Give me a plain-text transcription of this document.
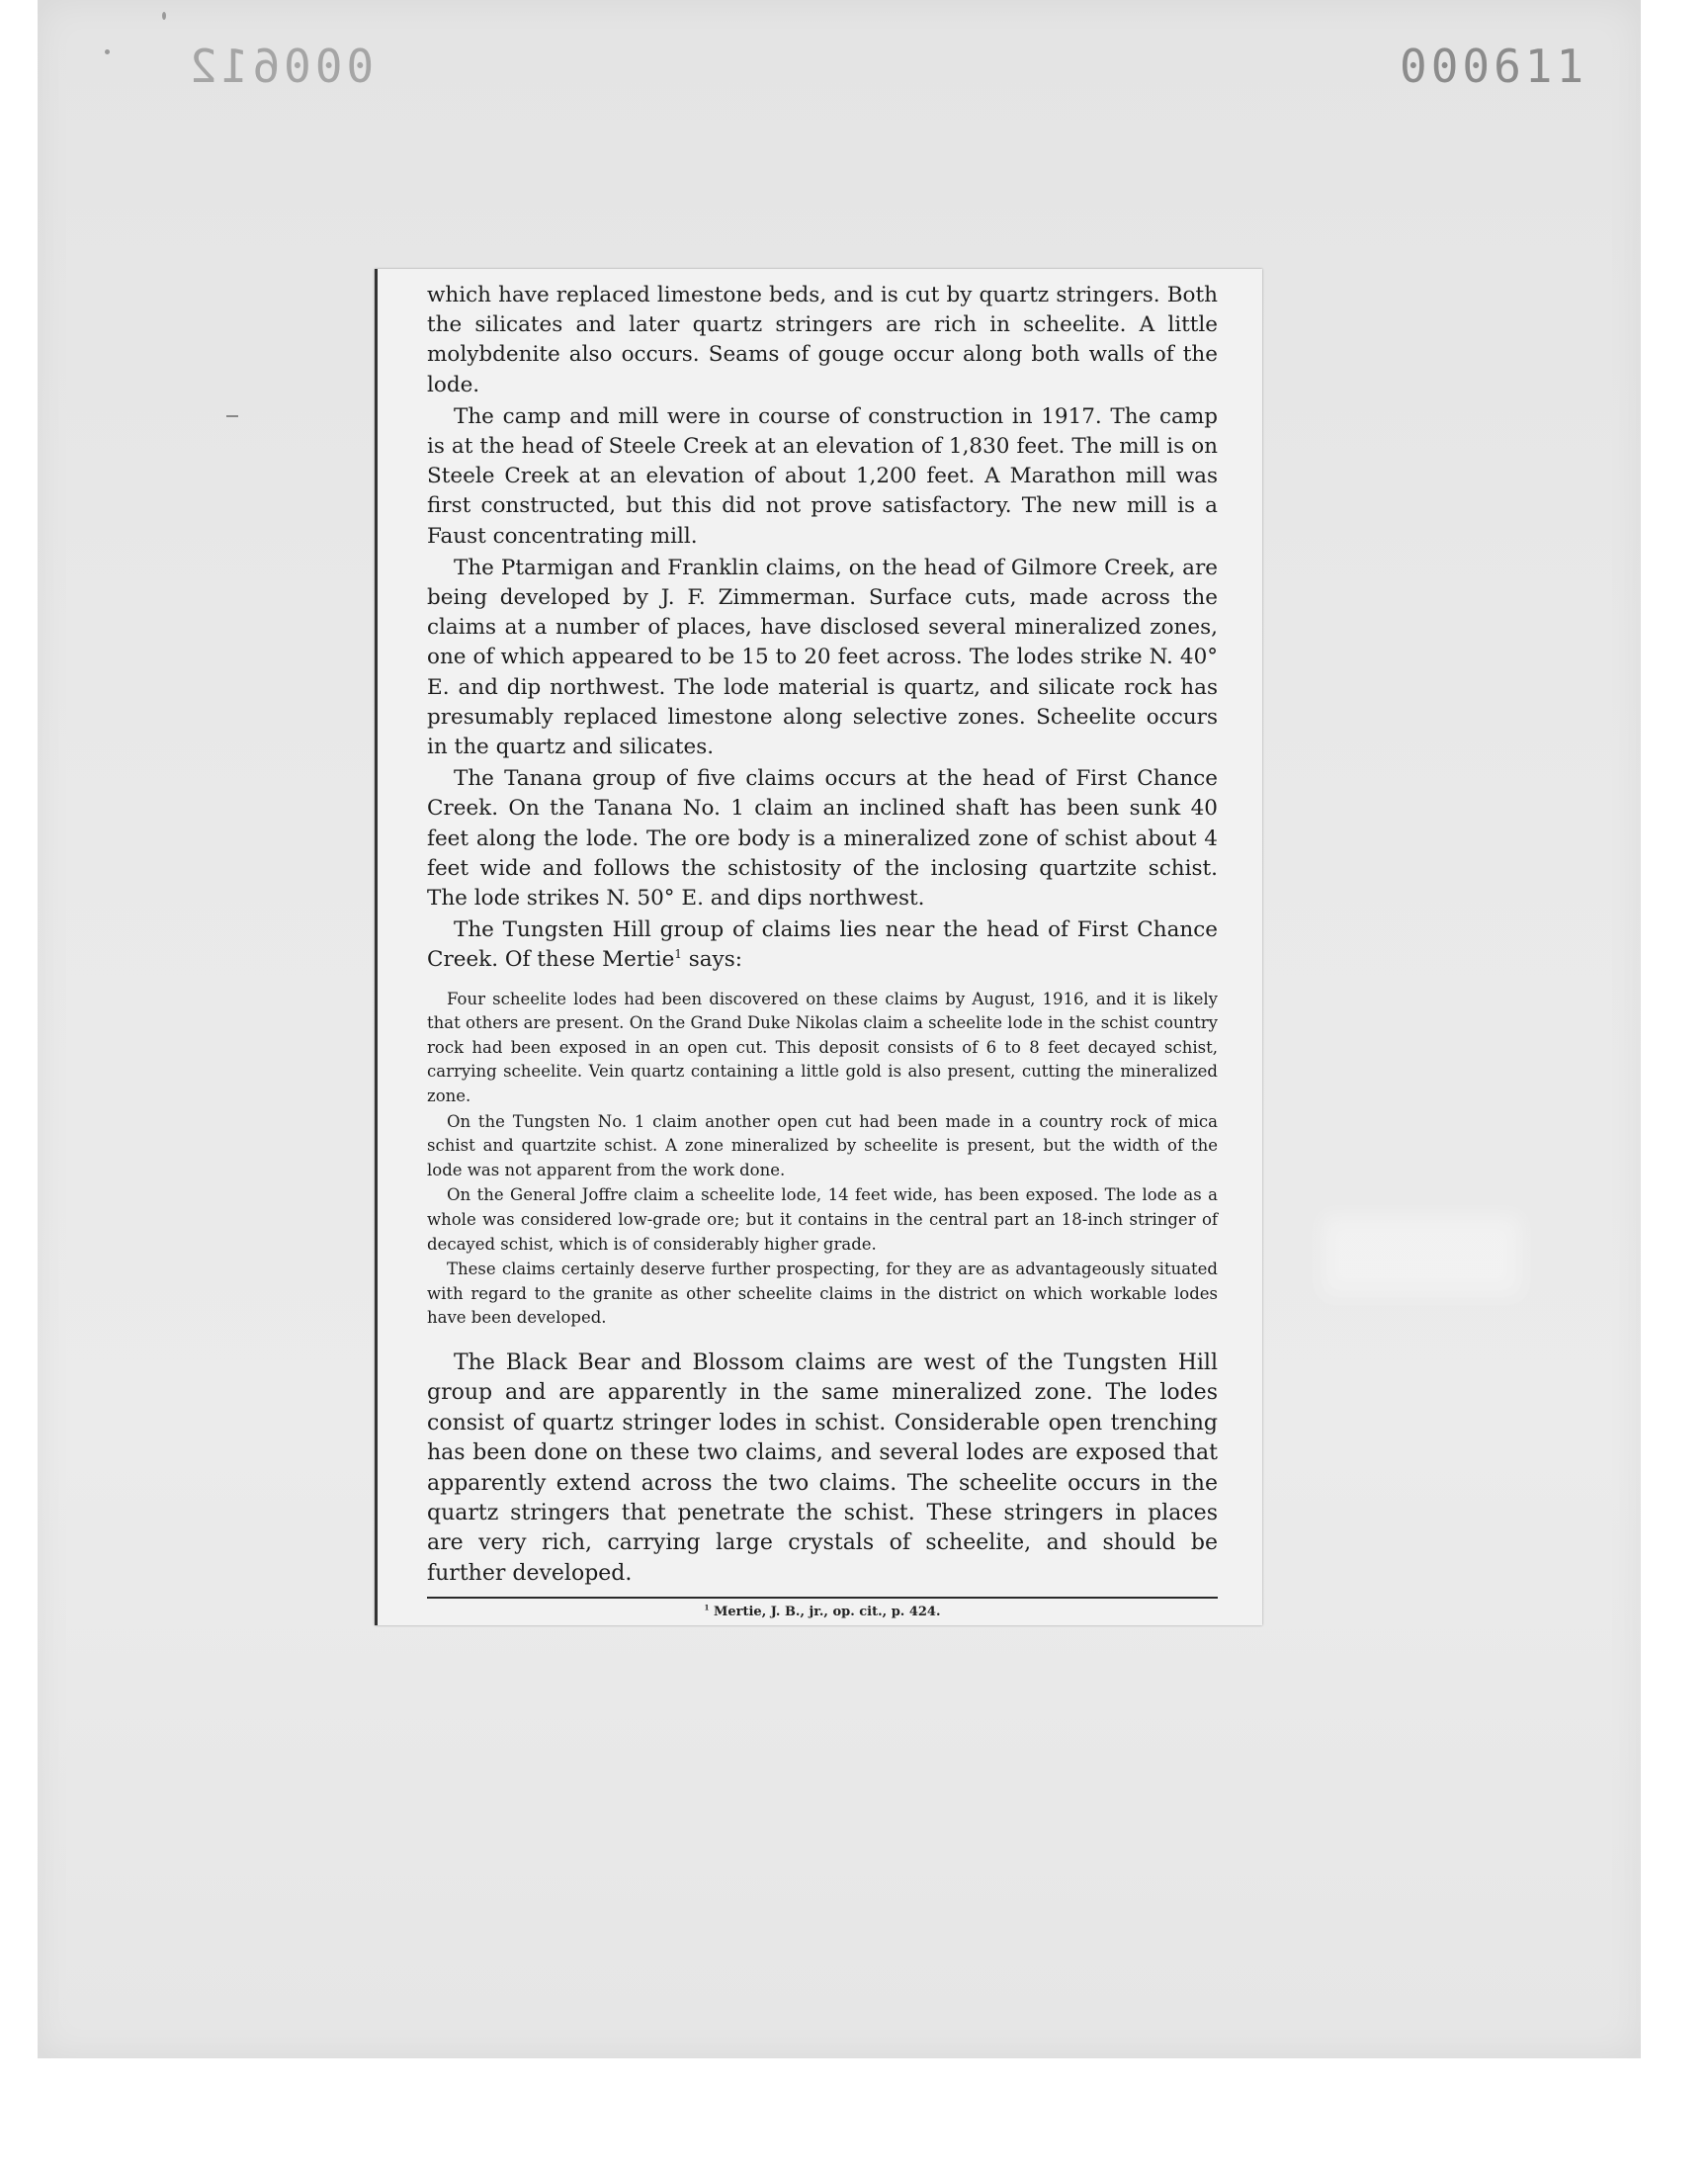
000612	000611

which have replaced limestone beds, and is cut by quartz stringers. Both the silicates and later quartz stringers are rich in scheelite. A little molybdenite also occurs. Seams of gouge occur along both walls of the lode.

The camp and mill were in course of construction in 1917. The camp is at the head of Steele Creek at an elevation of 1,830 feet. The mill is on Steele Creek at an elevation of about 1,200 feet. A Marathon mill was first constructed, but this did not prove satisfactory. The new mill is a Faust concentrating mill.

The Ptarmigan and Franklin claims, on the head of Gilmore Creek, are being developed by J. F. Zimmerman. Surface cuts, made across the claims at a number of places, have disclosed several mineralized zones, one of which appeared to be 15 to 20 feet across. The lodes strike N. 40° E. and dip northwest. The lode material is quartz, and silicate rock has presumably replaced limestone along selective zones. Scheelite occurs in the quartz and silicates.

The Tanana group of five claims occurs at the head of First Chance Creek. On the Tanana No. 1 claim an inclined shaft has been sunk 40 feet along the lode. The ore body is a mineralized zone of schist about 4 feet wide and follows the schistosity of the inclosing quartzite schist. The lode strikes N. 50° E. and dips northwest.

The Tungsten Hill group of claims lies near the head of First Chance Creek. Of these Mertie$^1$ says:

Four scheelite lodes had been discovered on these claims by August, 1916, and it is likely that others are present. On the Grand Duke Nikolas claim a scheelite lode in the schist country rock had been exposed in an open cut. This deposit consists of 6 to 8 feet decayed schist, carrying scheelite. Vein quartz containing a little gold is also present, cutting the mineralized zone.

On the Tungsten No. 1 claim another open cut had been made in a country rock of mica schist and quartzite schist. A zone mineralized by scheelite is present, but the width of the lode was not apparent from the work done.

On the General Joffre claim a scheelite lode, 14 feet wide, has been exposed. The lode as a whole was considered low-grade ore; but it contains in the central part an 18-inch stringer of decayed schist, which is of considerably higher grade.

These claims certainly deserve further prospecting, for they are as advantageously situated with regard to the granite as other scheelite claims in the district on which workable lodes have been developed.

The Black Bear and Blossom claims are west of the Tungsten Hill group and are apparently in the same mineralized zone. The lodes consist of quartz stringer lodes in schist. Considerable open trenching has been done on these two claims, and several lodes are exposed that apparently extend across the two claims. The scheelite occurs in the quartz stringers that penetrate the schist. These stringers in places are very rich, carrying large crystals of scheelite, and should be further developed.

$^1$ Mertie, J. B., jr., op. cit., p. 424.
